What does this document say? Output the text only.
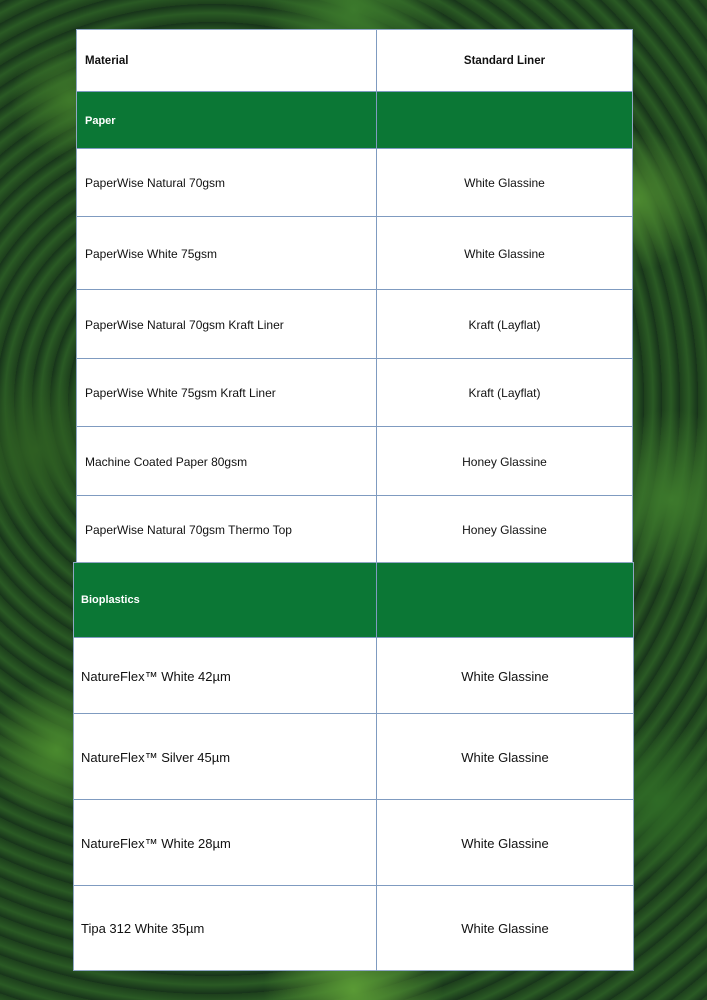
Material	Standard Liner
Paper
PaperWise Natural 70gsm	White Glassine
PaperWise White 75gsm	White Glassine
PaperWise Natural 70gsm Kraft Liner	Kraft (Layflat)
PaperWise White 75gsm Kraft Liner	Kraft (Layflat)
Machine Coated Paper 80gsm	Honey Glassine
PaperWise Natural 70gsm Thermo Top	Honey Glassine
Bioplastics
NatureFlex™ White 42µm	White Glassine
NatureFlex™ Silver 45µm	White Glassine
NatureFlex™ White 28µm	White Glassine
Tipa 312 White 35µm	White Glassine
